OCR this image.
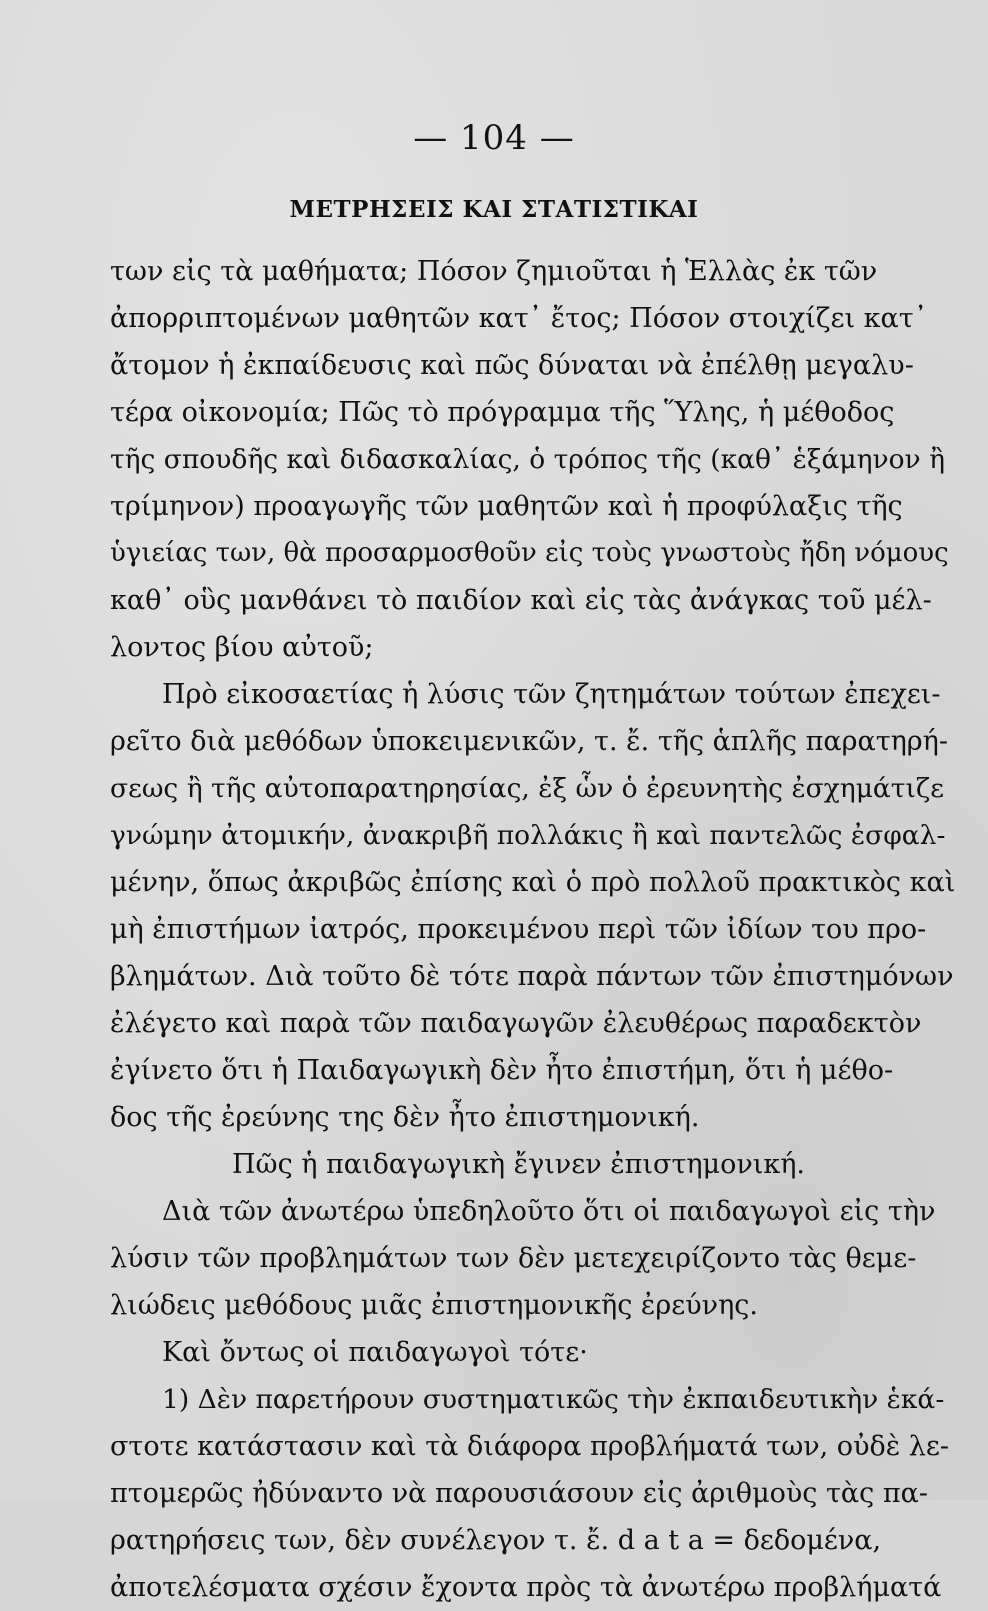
— 104 —
ΜΕΤΡΗΣΕΙΣ ΚΑΙ ΣΤΑΤΙΣΤΙΚΑΙ
των εἰς τὰ μαθήματα; Πόσον ζημιοῦται ἡ Ἑλλὰς ἐκ τῶν
ἀπορριπτομένων μαθητῶν κατ᾿ ἔτος; Πόσον στοιχίζει κατ᾿
ἄτομον ἡ ἐκπαίδευσις καὶ πῶς δύναται νὰ ἐπέλθῃ μεγαλυ-
τέρα οἰκονομία; Πῶς τὸ πρόγραμμα τῆς Ὕλης, ἡ μέθοδος
τῆς σπουδῆς καὶ διδασκαλίας, ὁ τρόπος τῆς (καθ᾿ ἑξάμηνον ἢ
τρίμηνον) προαγωγῆς τῶν μαθητῶν καὶ ἡ προφύλαξις τῆς
ὑγιείας των, θὰ προσαρμοσθοῦν εἰς τοὺς γνωστοὺς ἤδη νόμους
καθ᾿ οὓς μανθάνει τὸ παιδίον καὶ εἰς τὰς ἀνάγκας τοῦ μέλ-
λοντος βίου αὐτοῦ;
Πρὸ εἰκοσαετίας ἡ λύσις τῶν ζητημάτων τούτων ἐπεχει-
ρεῖτο διὰ μεθόδων ὑποκειμενικῶν, τ. ἔ. τῆς ἁπλῆς παρατηρή-
σεως ἢ τῆς αὐτοπαρατηρησίας, ἐξ ὧν ὁ ἐρευνητὴς ἐσχημάτιζε
γνώμην ἀτομικήν, ἀνακριβῆ πολλάκις ἢ καὶ παντελῶς ἐσφαλ-
μένην, ὅπως ἀκριβῶς ἐπίσης καὶ ὁ πρὸ πολλοῦ πρακτικὸς καὶ
μὴ ἐπιστήμων ἰατρός, προκειμένου περὶ τῶν ἰδίων του προ-
βλημάτων. Διὰ τοῦτο δὲ τότε παρὰ πάντων τῶν ἐπιστημόνων
ἐλέγετο καὶ παρὰ τῶν παιδαγωγῶν ἐλευθέρως παραδεκτὸν
ἐγίνετο ὅτι ἡ Παιδαγωγικὴ δὲν ἦτο ἐπιστήμη, ὅτι ἡ μέθο-
δος τῆς ἐρεύνης της δὲν ἦτο ἐπιστημονική.
Πῶς ἡ παιδαγωγικὴ ἔγινεν ἐπιστημονική.
Διὰ τῶν ἀνωτέρω ὑπεδηλοῦτο ὅτι οἱ παιδαγωγοὶ εἰς τὴν
λύσιν τῶν προβλημάτων των δὲν μετεχειρίζοντο τὰς θεμε-
λιώδεις μεθόδους μιᾶς ἐπιστημονικῆς ἐρεύνης.
Καὶ ὄντως οἱ παιδαγωγοὶ τότε·
1) Δὲν παρετήρουν συστηματικῶς τὴν ἐκπαιδευτικὴν ἑκά-
στοτε κατάστασιν καὶ τὰ διάφορα προβλήματά των, οὐδὲ λε-
πτομερῶς ἠδύναντο νὰ παρουσιάσουν εἰς ἀριθμοὺς τὰς πα-
ρατηρήσεις των, δὲν συνέλεγον τ. ἔ. d a t a = δεδομένα,
ἀποτελέσματα σχέσιν ἔχοντα πρὸς τὰ ἀνωτέρω προβλήματά
